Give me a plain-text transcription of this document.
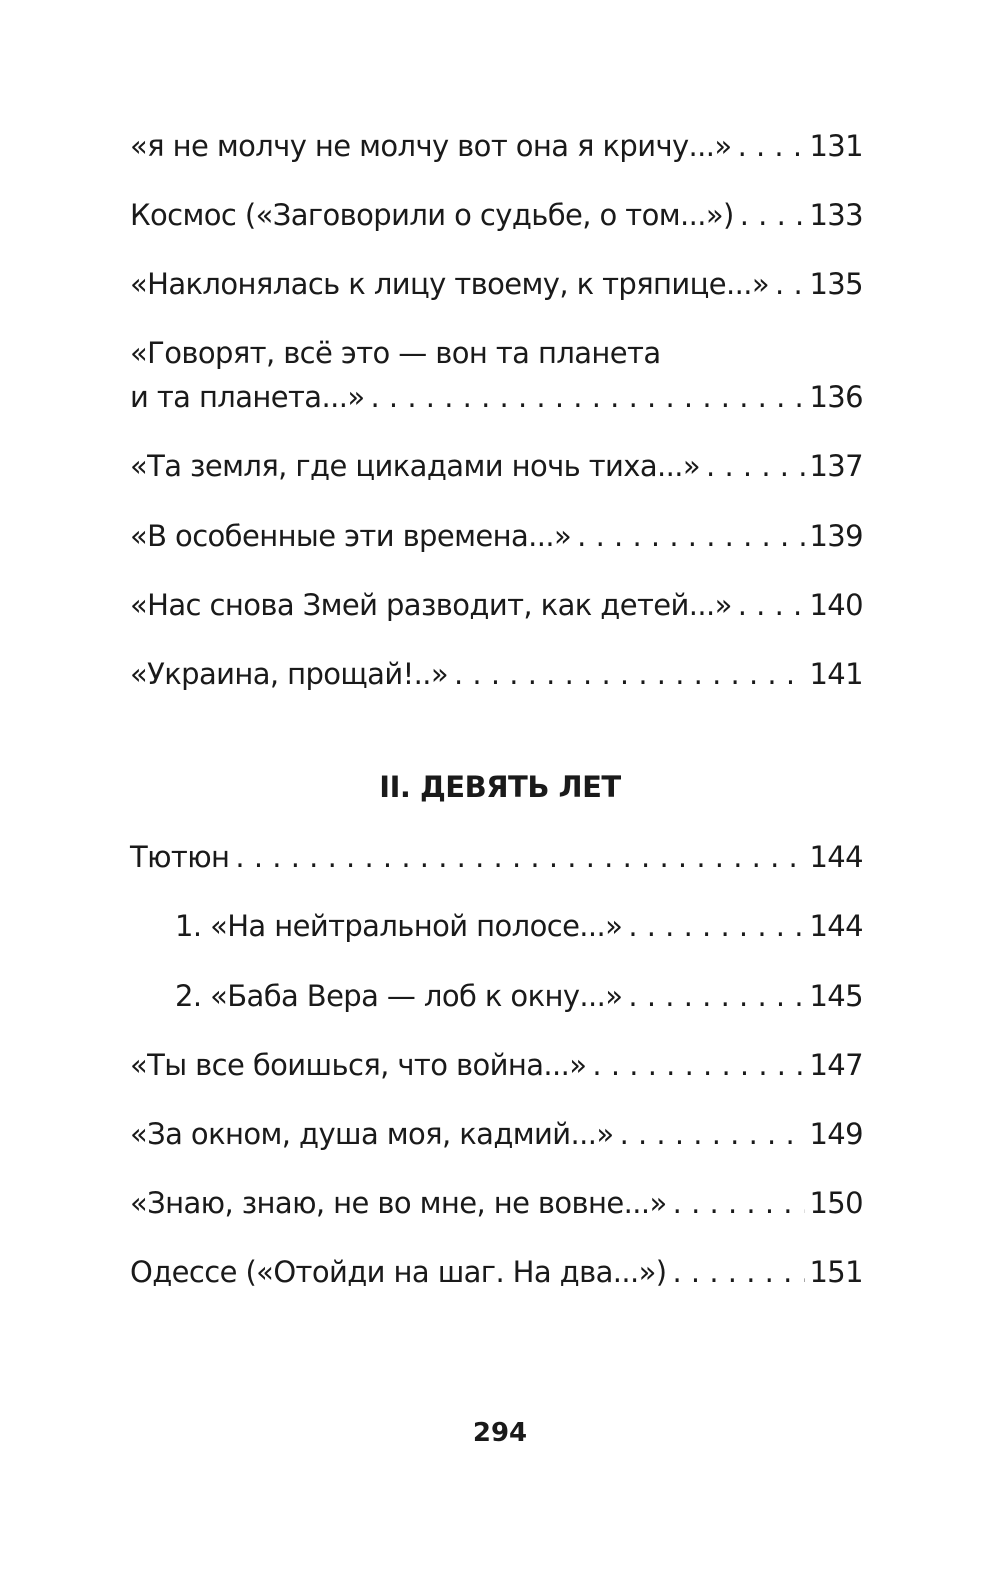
«я не молчу не молчу вот она я кричу...» . . .	131
Космос («Заговорили о судьбе, о том...») . . .	133
«Наклонялась к лицу твоему, к тряпице...» . . . 135
«Говорят, всё это — вон та планета
и та планета...» . . .	136
«Та земля, где цикадами ночь тиха...» . . .	137
«В особенные эти времена...» . . .	139
«Нас снова Змей разводит, как детей...» . . .	140
«Украина, прощай!..» . . .	141
II. ДЕВЯТЬ ЛЕТ
Тютюн . . .	144
1. «На нейтральной полосе...» . . .	144
2. «Баба Вера — лоб к окну...» . . .	145
«Ты все боишься, что война...» . . .	147
«За окном, душа моя, кадмий...» . . .	149
«Знаю, знаю, не во мне, не вовне...» . . .	150
Одессе («Отойди на шаг. На два...») . . .	151
294
